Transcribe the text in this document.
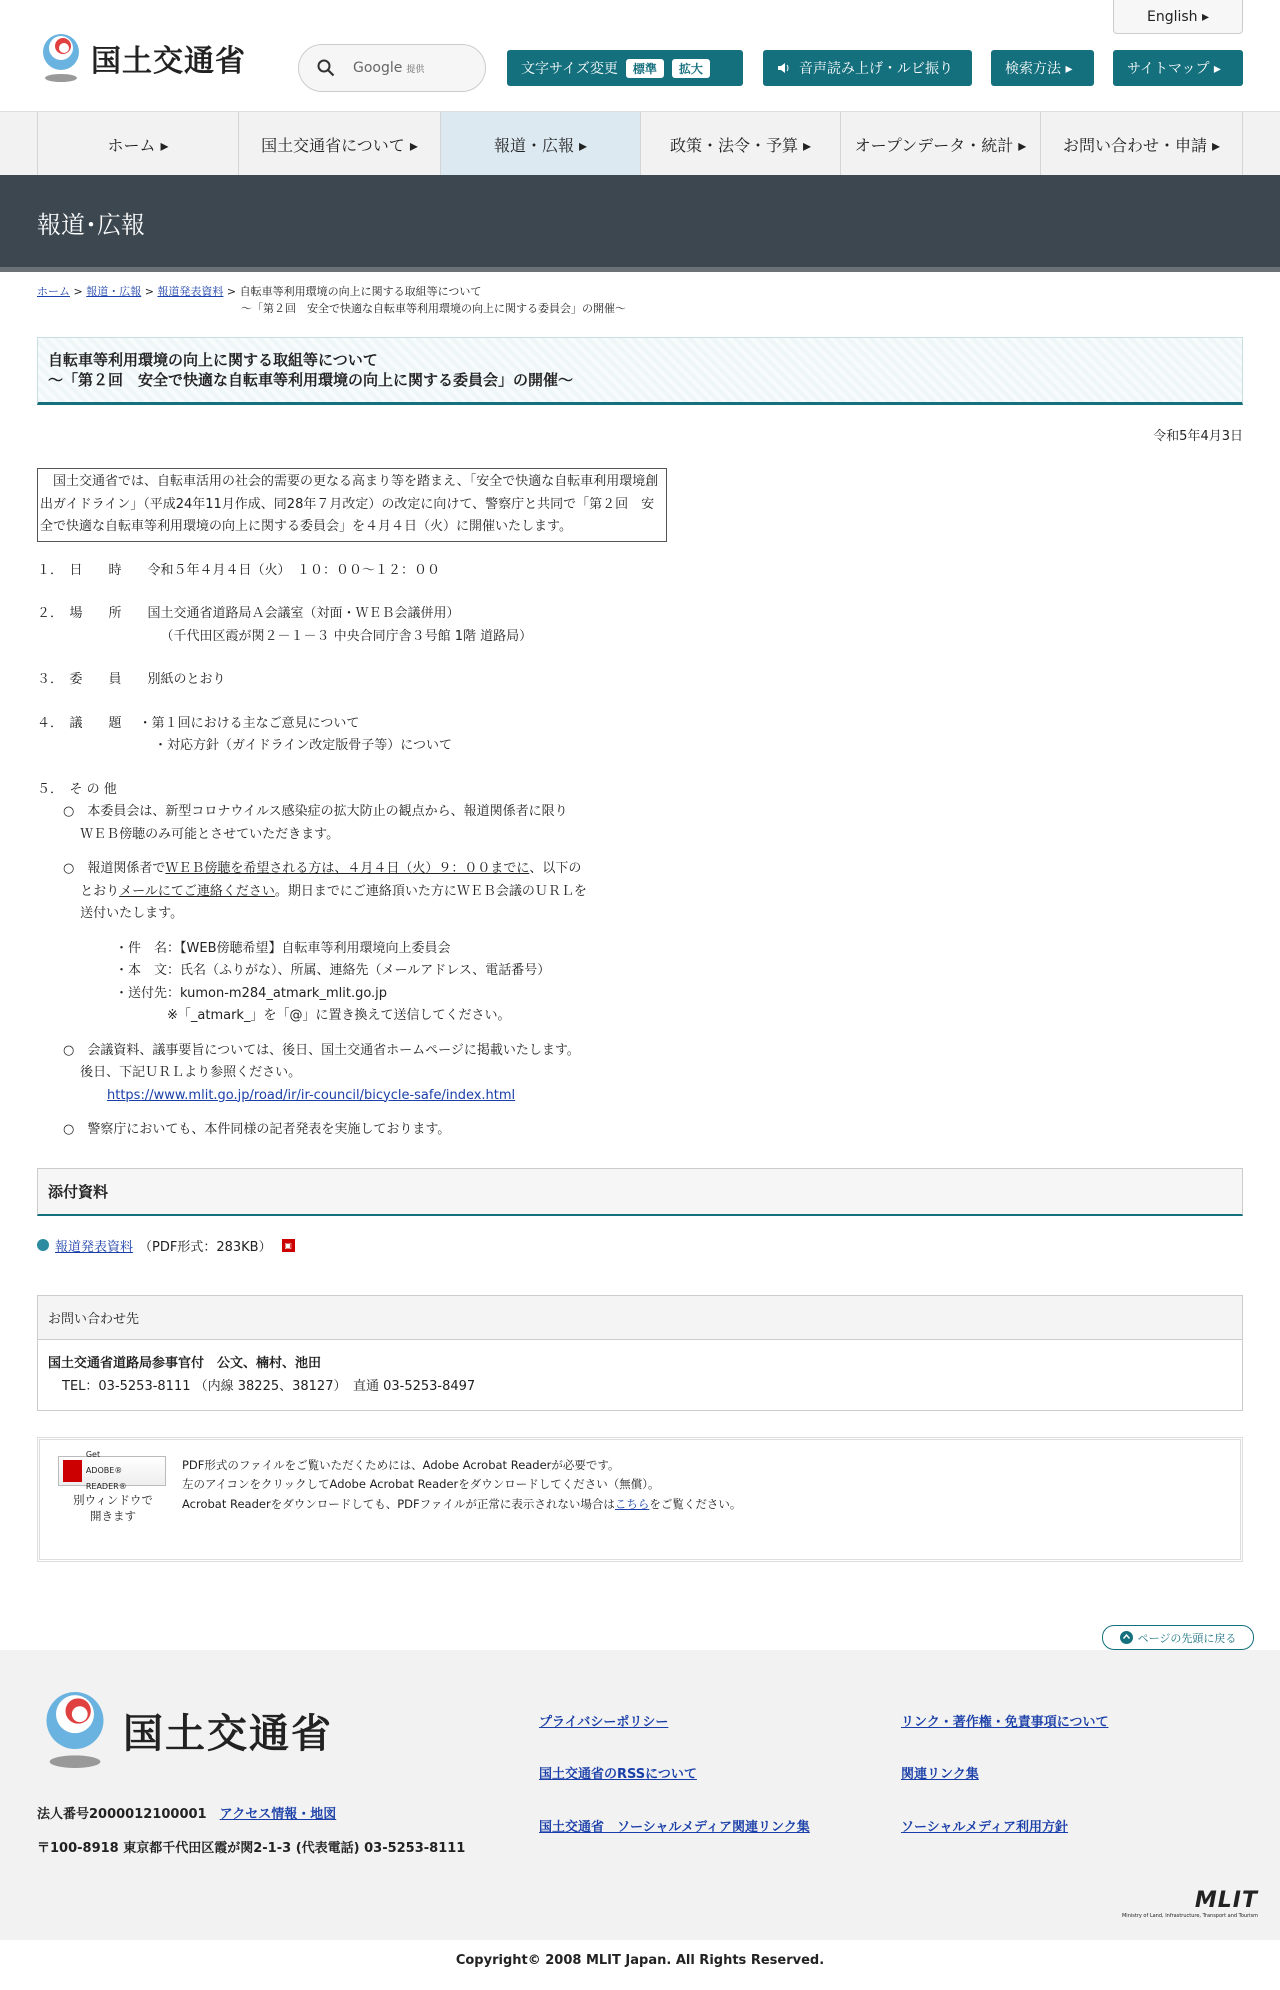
国土交通省	Google 提供
English ▸
文字サイズ変更	標準	拡大	音声読み上げ・ルビ振り	検索方法 ▸	サイトマップ ▸
ホーム ▸	国土交通省について ▸	報道・広報 ▸	政策・法令・予算 ▸	オープンデータ・統計 ▸	お問い合わせ・申請 ▸
報道･広報
ホーム > 報道・広報 > 報道発表資料 > 自転車等利用環境の向上に関する取組等について
～「第２回　安全で快適な自転車等利用環境の向上に関する委員会」の開催～
自転車等利用環境の向上に関する取組等について
～「第２回　安全で快適な自転車等利用環境の向上に関する委員会」の開催～
令和5年4月3日
国土交通省では、自転車活用の社会的需要の更なる高まり等を踏まえ、「安全で快適な自転車利用環境創出ガイドライン」（平成24年11月作成、同28年７月改定）の改定に向けて、警察庁と共同で「第２回　安全で快適な自転車等利用環境の向上に関する委員会」を４月４日（火）に開催いたします。
１．　日　　時　　令和５年４月４日（火）　１０：００～１２：００
２．　場　　所　　国土交通省道路局Ａ会議室（対面・ＷＥＢ会議併用）
　　　　　　　　　　（千代田区霞が関２－１－３ 中央合同庁舎３号館 1階 道路局）
３．　委　　員　　別紙のとおり
４．　議　　題　 ・第１回における主なご意見について
　　　　　　　　　・対応方針（ガイドライン改定版骨子等）について
５．　そ の 他
　　○　本委員会は、新型コロナウイルス感染症の拡大防止の観点から、報道関係者に限り
　　　 ＷＥＢ傍聴のみ可能とさせていただきます。
　　○　報道関係者でＷＥＢ傍聴を希望される方は、４月４日（火）９：００までに、以下の
　　　 とおりメールにてご連絡ください。期日までにご連絡頂いた方にＷＥＢ会議のＵＲＬを
　　　 送付いたします。
　　　　　　・件　名：【WEB傍聴希望】自転車等利用環境向上委員会
　　　　　　・本　文：氏名（ふりがな）、所属、連絡先（メールアドレス、電話番号）
　　　　　　・送付先：kumon-m284_atmark_mlit.go.jp
　　　　　　　　　　※「_atmark_」を「@」に置き換えて送信してください。
　　○　会議資料、議事要旨については、後日、国土交通省ホームページに掲載いたします。
　　　 後日、下記ＵＲＬより参照ください。
https://www.mlit.go.jp/road/ir/ir-council/bicycle-safe/index.html
　　○　警察庁においても、本件同様の記者発表を実施しております。
添付資料
報道発表資料 （PDF形式：283KB）	▣
お問い合わせ先
国土交通省道路局参事官付　公文、楠村、池田
TEL：03-5253-8111 （内線 38225、38127）　直通 03-5253-8497
Get
ADOBE® READER®
別ウィンドウで
開きます
PDF形式のファイルをご覧いただくためには、Adobe Acrobat Readerが必要です。
左のアイコンをクリックしてAdobe Acrobat Readerをダウンロードしてください（無償）。
Acrobat Readerをダウンロードしても、PDFファイルが正常に表示されない場合はこちらをご覧ください。
ページの先頭に戻る
国土交通省
法人番号2000012100001　 アクセス情報・地図
〒100-8918 東京都千代田区霞が関2-1-3 (代表電話) 03-5253-8111
プライバシーポリシー
国土交通省のRSSについて
国土交通省　ソーシャルメディア関連リンク集
リンク・著作権・免責事項について
関連リンク集
ソーシャルメディア利用方針
MLIT
Ministry of Land, Infrastructure, Transport and Tourism
Copyright© 2008 MLIT Japan. All Rights Reserved.
